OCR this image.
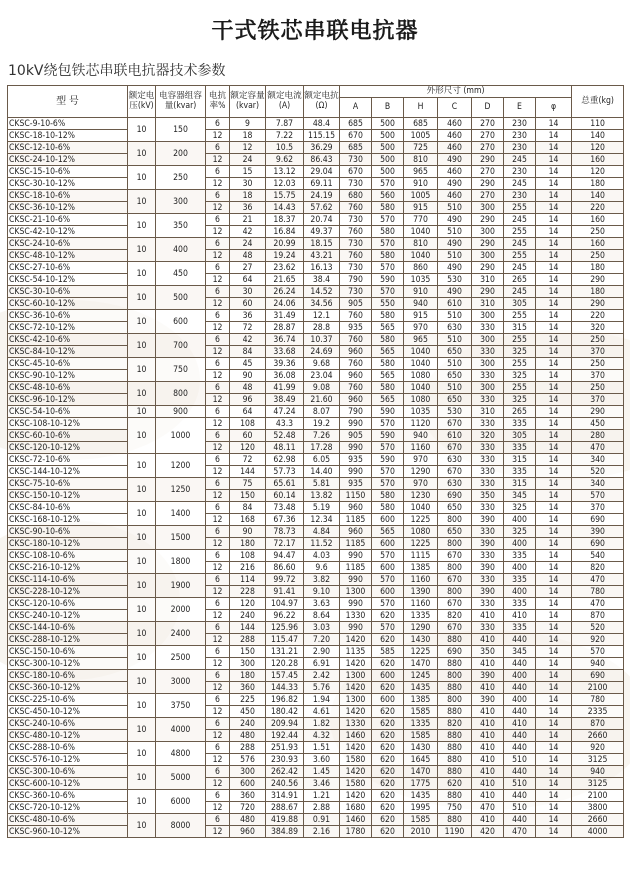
干式铁芯串联电抗器
10kV绕包铁芯串联电抗器技术参数
型 号	额定电压(kV)	电容器组容量(kvar)	电抗率%	额定容量(kvar)	额定电流(A)	额定电抗(Ω)	外形尺寸 (mm)							总重(kg)
							A	B	H	C	D	E	φ	
CKSC-9-10-6%	10	150	6	9	7.87	48.4	685	500	685	460	270	230	14	110
CKSC-18-10-12%			12	18	7.22	115.15	670	500	1005	460	270	230	14	140
CKSC-12-10-6%	10	200	6	12	10.5	36.29	685	500	725	460	270	230	14	120
CKSC-24-10-12%			12	24	9.62	86.43	730	500	810	490	290	245	14	160
CKSC-15-10-6%	10	250	6	15	13.12	29.04	670	500	965	460	270	230	14	120
CKSC-30-10-12%			12	30	12.03	69.11	730	570	910	490	290	245	14	180
CKSC-18-10-6%	10	300	6	18	15.75	24.19	680	560	1005	460	270	230	14	140
CKSC-36-10-12%			12	36	14.43	57.62	760	580	915	510	300	255	14	220
CKSC-21-10-6%	10	350	6	21	18.37	20.74	730	570	770	490	290	245	14	160
CKSC-42-10-12%			12	42	16.84	49.37	760	580	1040	510	300	255	14	250
CKSC-24-10-6%	10	400	6	24	20.99	18.15	730	570	810	490	290	245	14	160
CKSC-48-10-12%			12	48	19.24	43.21	760	580	1040	510	300	255	14	250
CKSC-27-10-6%	10	450	6	27	23.62	16.13	730	570	860	490	290	245	14	180
CKSC-54-10-12%			12	64	21.65	38.4	790	590	1035	530	310	265	14	290
CKSC-30-10-6%	10	500	6	30	26.24	14.52	730	570	910	490	290	245	14	180
CKSC-60-10-12%			12	60	24.06	34.56	905	550	940	610	310	305	14	290
CKSC-36-10-6%	10	600	6	36	31.49	12.1	760	580	915	510	300	255	14	220
CKSC-72-10-12%			12	72	28.87	28.8	935	565	970	630	330	315	14	320
CKSC-42-10-6%	10	700	6	42	36.74	10.37	760	580	965	510	300	255	14	250
CKSC-84-10-12%			12	84	33.68	24.69	960	565	1040	650	330	325	14	370
CKSC-45-10-6%	10	750	6	45	39.36	9.68	760	580	1040	510	300	255	14	250
CKSC-90-10-12%			12	90	36.08	23.04	960	565	1080	650	330	325	14	370
CKSC-48-10-6%	10	800	6	48	41.99	9.08	760	580	1040	510	300	255	14	250
CKSC-96-10-12%			12	96	38.49	21.60	960	565	1080	650	330	325	14	370
CKSC-54-10-6%	10	900	6	64	47.24	8.07	790	590	1035	530	310	265	14	290
CKSC-108-10-12%	10	1000	12	108	43.3	19.2	990	570	1120	670	330	335	14	450
CKSC-60-10-6%			6	60	52.48	7.26	905	590	940	610	320	305	14	280
CKSC-120-10-12%			12	120	48.11	17.28	990	570	1160	670	330	335	14	470
CKSC-72-10-6%	10	1200	6	72	62.98	6.05	935	590	970	630	330	315	14	340
CKSC-144-10-12%			12	144	57.73	14.40	990	570	1290	670	330	335	14	520
CKSC-75-10-6%	10	1250	6	75	65.61	5.81	935	570	970	630	330	315	14	340
CKSC-150-10-12%			12	150	60.14	13.82	1150	580	1230	690	350	345	14	570
CKSC-84-10-6%	10	1400	6	84	73.48	5.19	960	580	1040	650	330	325	14	370
CKSC-168-10-12%			12	168	67.36	12.34	1185	600	1225	800	390	400	14	690
CKSC-90-10-6%	10	1500	6	90	78.73	4.84	960	565	1080	650	330	325	14	390
CKSC-180-10-12%			12	180	72.17	11.52	1185	600	1225	800	390	400	14	690
CKSC-108-10-6%	10	1800	6	108	94.47	4.03	990	570	1115	670	330	335	14	540
CKSC-216-10-12%			12	216	86.60	9.6	1185	600	1385	800	390	400	14	820
CKSC-114-10-6%	10	1900	6	114	99.72	3.82	990	570	1160	670	330	335	14	470
CKSC-228-10-12%			12	228	91.41	9.10	1300	600	1390	800	390	400	14	780
CKSC-120-10-6%	10	2000	6	120	104.97	3.63	990	570	1160	670	330	335	14	470
CKSC-240-10-12%			12	240	96.22	8.64	1330	620	1335	820	410	410	14	870
CKSC-144-10-6%	10	2400	6	144	125.96	3.03	990	570	1290	670	330	335	14	520
CKSC-288-10-12%			12	288	115.47	7.20	1420	620	1430	880	410	440	14	920
CKSC-150-10-6%	10	2500	6	150	131.21	2.90	1135	585	1225	690	350	345	14	570
CKSC-300-10-12%			12	300	120.28	6.91	1420	620	1470	880	410	440	14	940
CKSC-180-10-6%	10	3000	6	180	157.45	2.42	1300	600	1245	800	390	400	14	690
CKSC-360-10-12%			12	360	144.33	5.76	1420	620	1435	880	410	440	14	2100
CKSC-225-10-6%	10	3750	6	225	196.82	1.94	1300	600	1385	800	390	400	14	780
CKSC-450-10-12%			12	450	180.42	4.61	1420	620	1585	880	410	440	14	2335
CKSC-240-10-6%	10	4000	6	240	209.94	1.82	1330	620	1335	820	410	410	14	870
CKSC-480-10-12%			12	480	192.44	4.32	1460	620	1585	880	410	440	14	2660
CKSC-288-10-6%	10	4800	6	288	251.93	1.51	1420	620	1430	880	410	440	14	920
CKSC-576-10-12%			12	576	230.93	3.60	1580	620	1645	880	410	510	14	3125
CKSC-300-10-6%	10	5000	6	300	262.42	1.45	1420	620	1470	880	410	440	14	940
CKSC-600-10-12%			12	600	240.56	3.46	1580	620	1775	620	410	510	14	3125
CKSC-360-10-6%	10	6000	6	360	314.91	1.21	1420	620	1435	880	410	440	14	2100
CKSC-720-10-12%			12	720	288.67	2.88	1680	620	1995	750	470	510	14	3800
CKSC-480-10-6%	10	8000	6	480	419.88	0.91	1460	620	1585	880	410	440	14	2660
CKSC-960-10-12%			12	960	384.89	2.16	1780	620	2010	1190	420	470	14	4000
